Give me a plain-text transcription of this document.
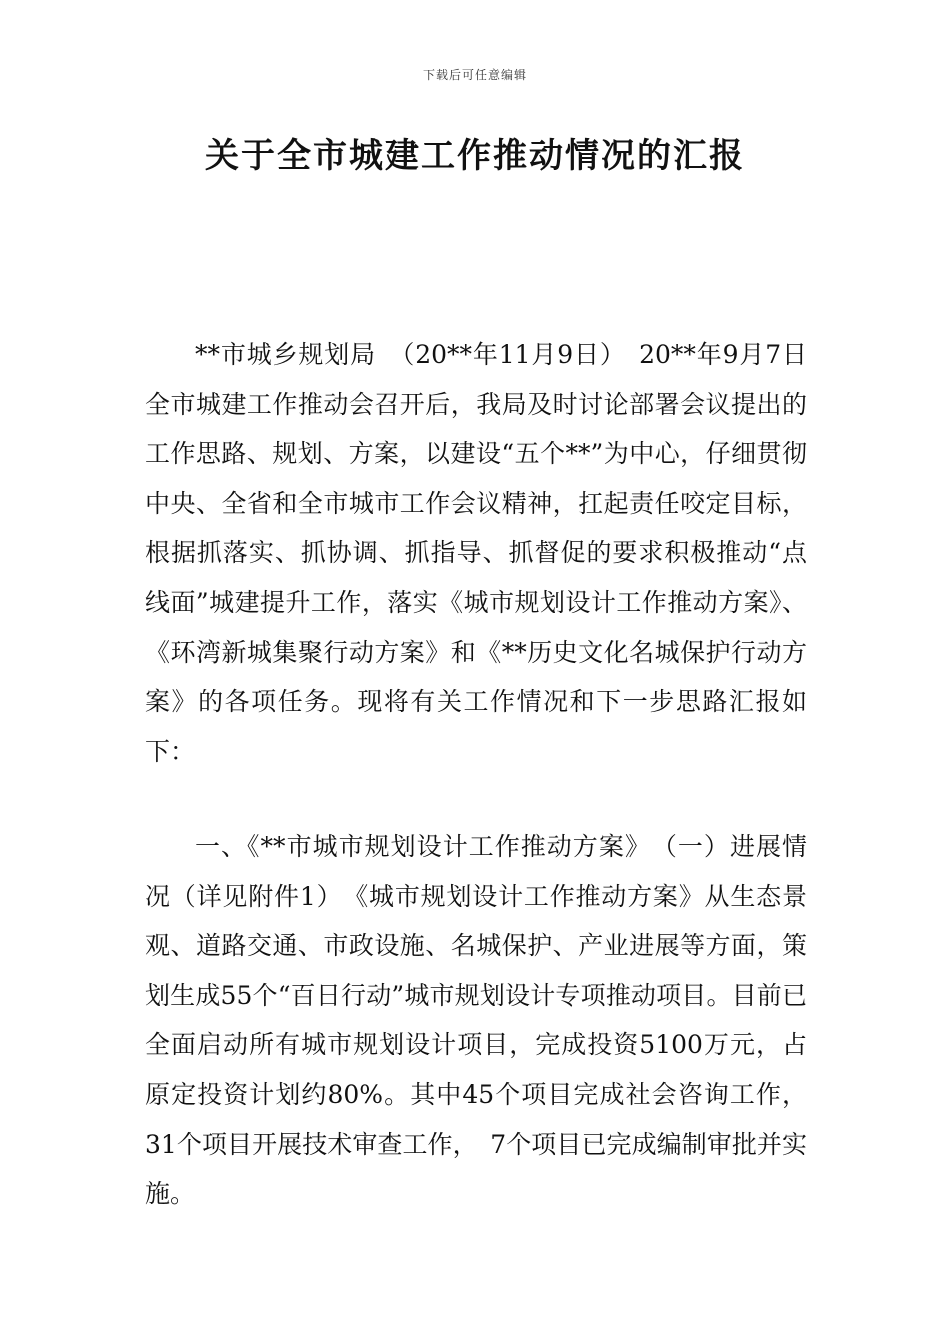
下载后可任意编辑
关于全市城建工作推动情况的汇报

**市城乡规划局　（20**年11月9日）　20**年9月7日全市城建工作推动会召开后，我局及时讨论部署会议提出的工作思路、规划、方案，以建设“五个**”为中心，仔细贯彻中央、全省和全市城市工作会议精神，扛起责任咬定目标，根据抓落实、抓协调、抓指导、抓督促的要求积极推动“点线面”城建提升工作，落实《城市规划设计工作推动方案》、《环湾新城集聚行动方案》和《**历史文化名城保护行动方案》的各项任务。现将有关工作情况和下一步思路汇报如下：

一、《**市城市规划设计工作推动方案》　（一）进展情况（详见附件1）　《城市规划设计工作推动方案》从生态景观、道路交通、市政设施、名城保护、产业进展等方面，策划生成55个“百日行动”城市规划设计专项推动项目。目前已全面启动所有城市规划设计项目，完成投资5100万元，占原定投资计划约80%。其中45个项目完成社会咨询工作，31个项目开展技术审查工作，　7个项目已完成编制审批并实施。
